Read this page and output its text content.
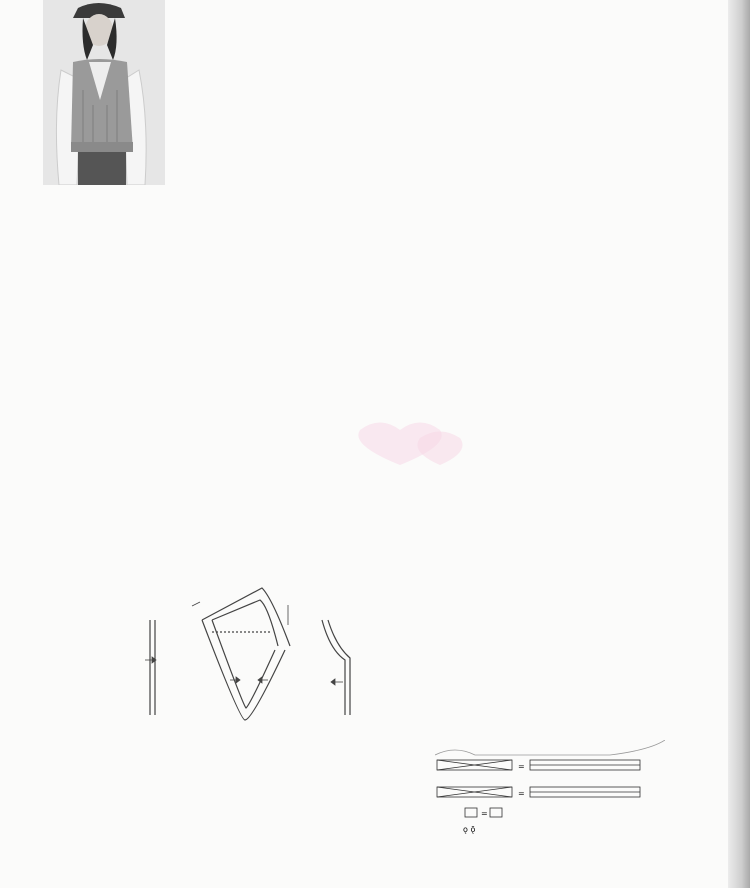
=
=
=
ǫ ǭ
